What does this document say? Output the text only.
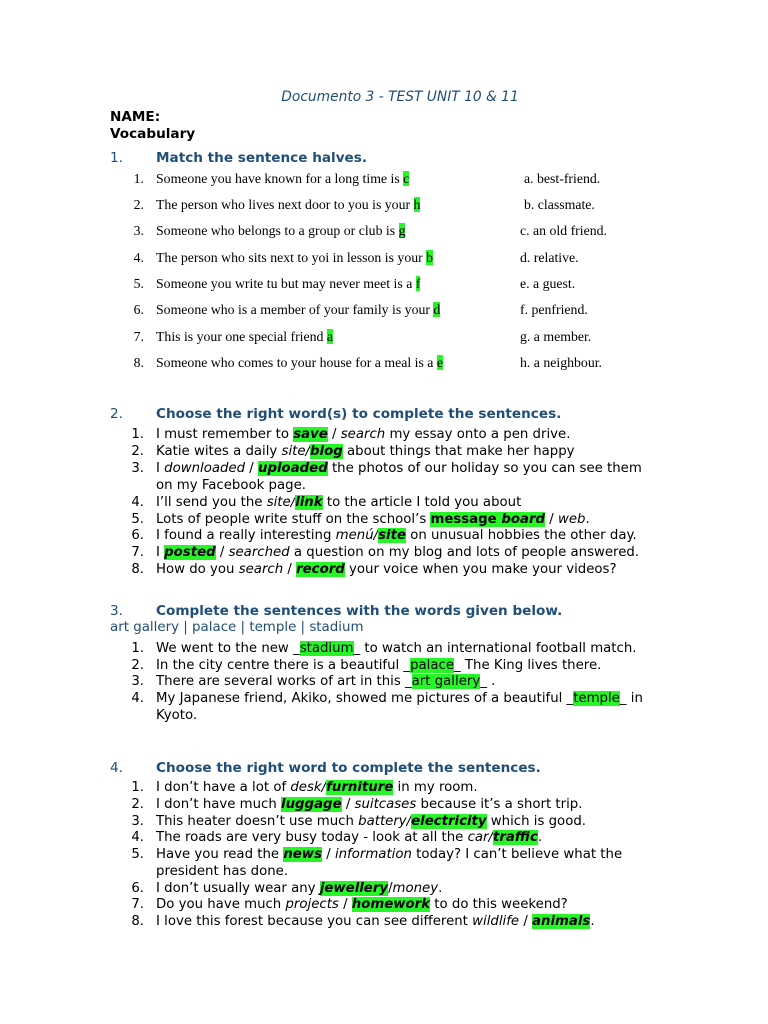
Documento 3 - TEST UNIT 10 & 11
NAME:
Vocabulary
1. Match the sentence halves.
1. Someone you have known for a long time is c	a. best-friend.
2. The person who lives next door to you is your h	b. classmate.
3. Someone who belongs to a group or club is g	c. an old friend.
4. The person who sits next to yoi in lesson is your b	d. relative.
5. Someone you write tu but may never meet is a f	e. a guest.
6. Someone who is a member of your family is your d	f. penfriend.
7. This is your one special friend a	g. a member.
8. Someone who comes to your house for a meal is a e	h. a neighbour.
2. Choose the right word(s) to complete the sentences.
1. I must remember to save / search my essay onto a pen drive.
2. Katie wites a daily site/blog about things that make her happy
3. I downloaded / uploaded the photos of our holiday so you can see them
on my Facebook page.
4. I’ll send you the site/link to the article I told you about
5. Lots of people write stuff on the school’s message board / web.
6. I found a really interesting menú/site on unusual hobbies the other day.
7. I posted / searched a question on my blog and lots of people answered.
8. How do you search / record your voice when you make your videos?
3. Complete the sentences with the words given below.
art gallery | palace | temple | stadium
1. We went to the new _stadium_ to watch an international football match.
2. In the city centre there is a beautiful _palace_ The King lives there.
3. There are several works of art in this _art gallery_ .
4. My Japanese friend, Akiko, showed me pictures of a beautiful _temple_ in
Kyoto.
4. Choose the right word to complete the sentences.
1. I don’t have a lot of desk/furniture in my room.
2. I don’t have much luggage / suitcases because it’s a short trip.
3. This heater doesn’t use much battery/electricity which is good.
4. The roads are very busy today - look at all the car/traffic.
5. Have you read the news / information today? I can’t believe what the
president has done.
6. I don’t usually wear any jewellery/money.
7. Do you have much projects / homework to do this weekend?
8. I love this forest because you can see different wildlife / animals.
